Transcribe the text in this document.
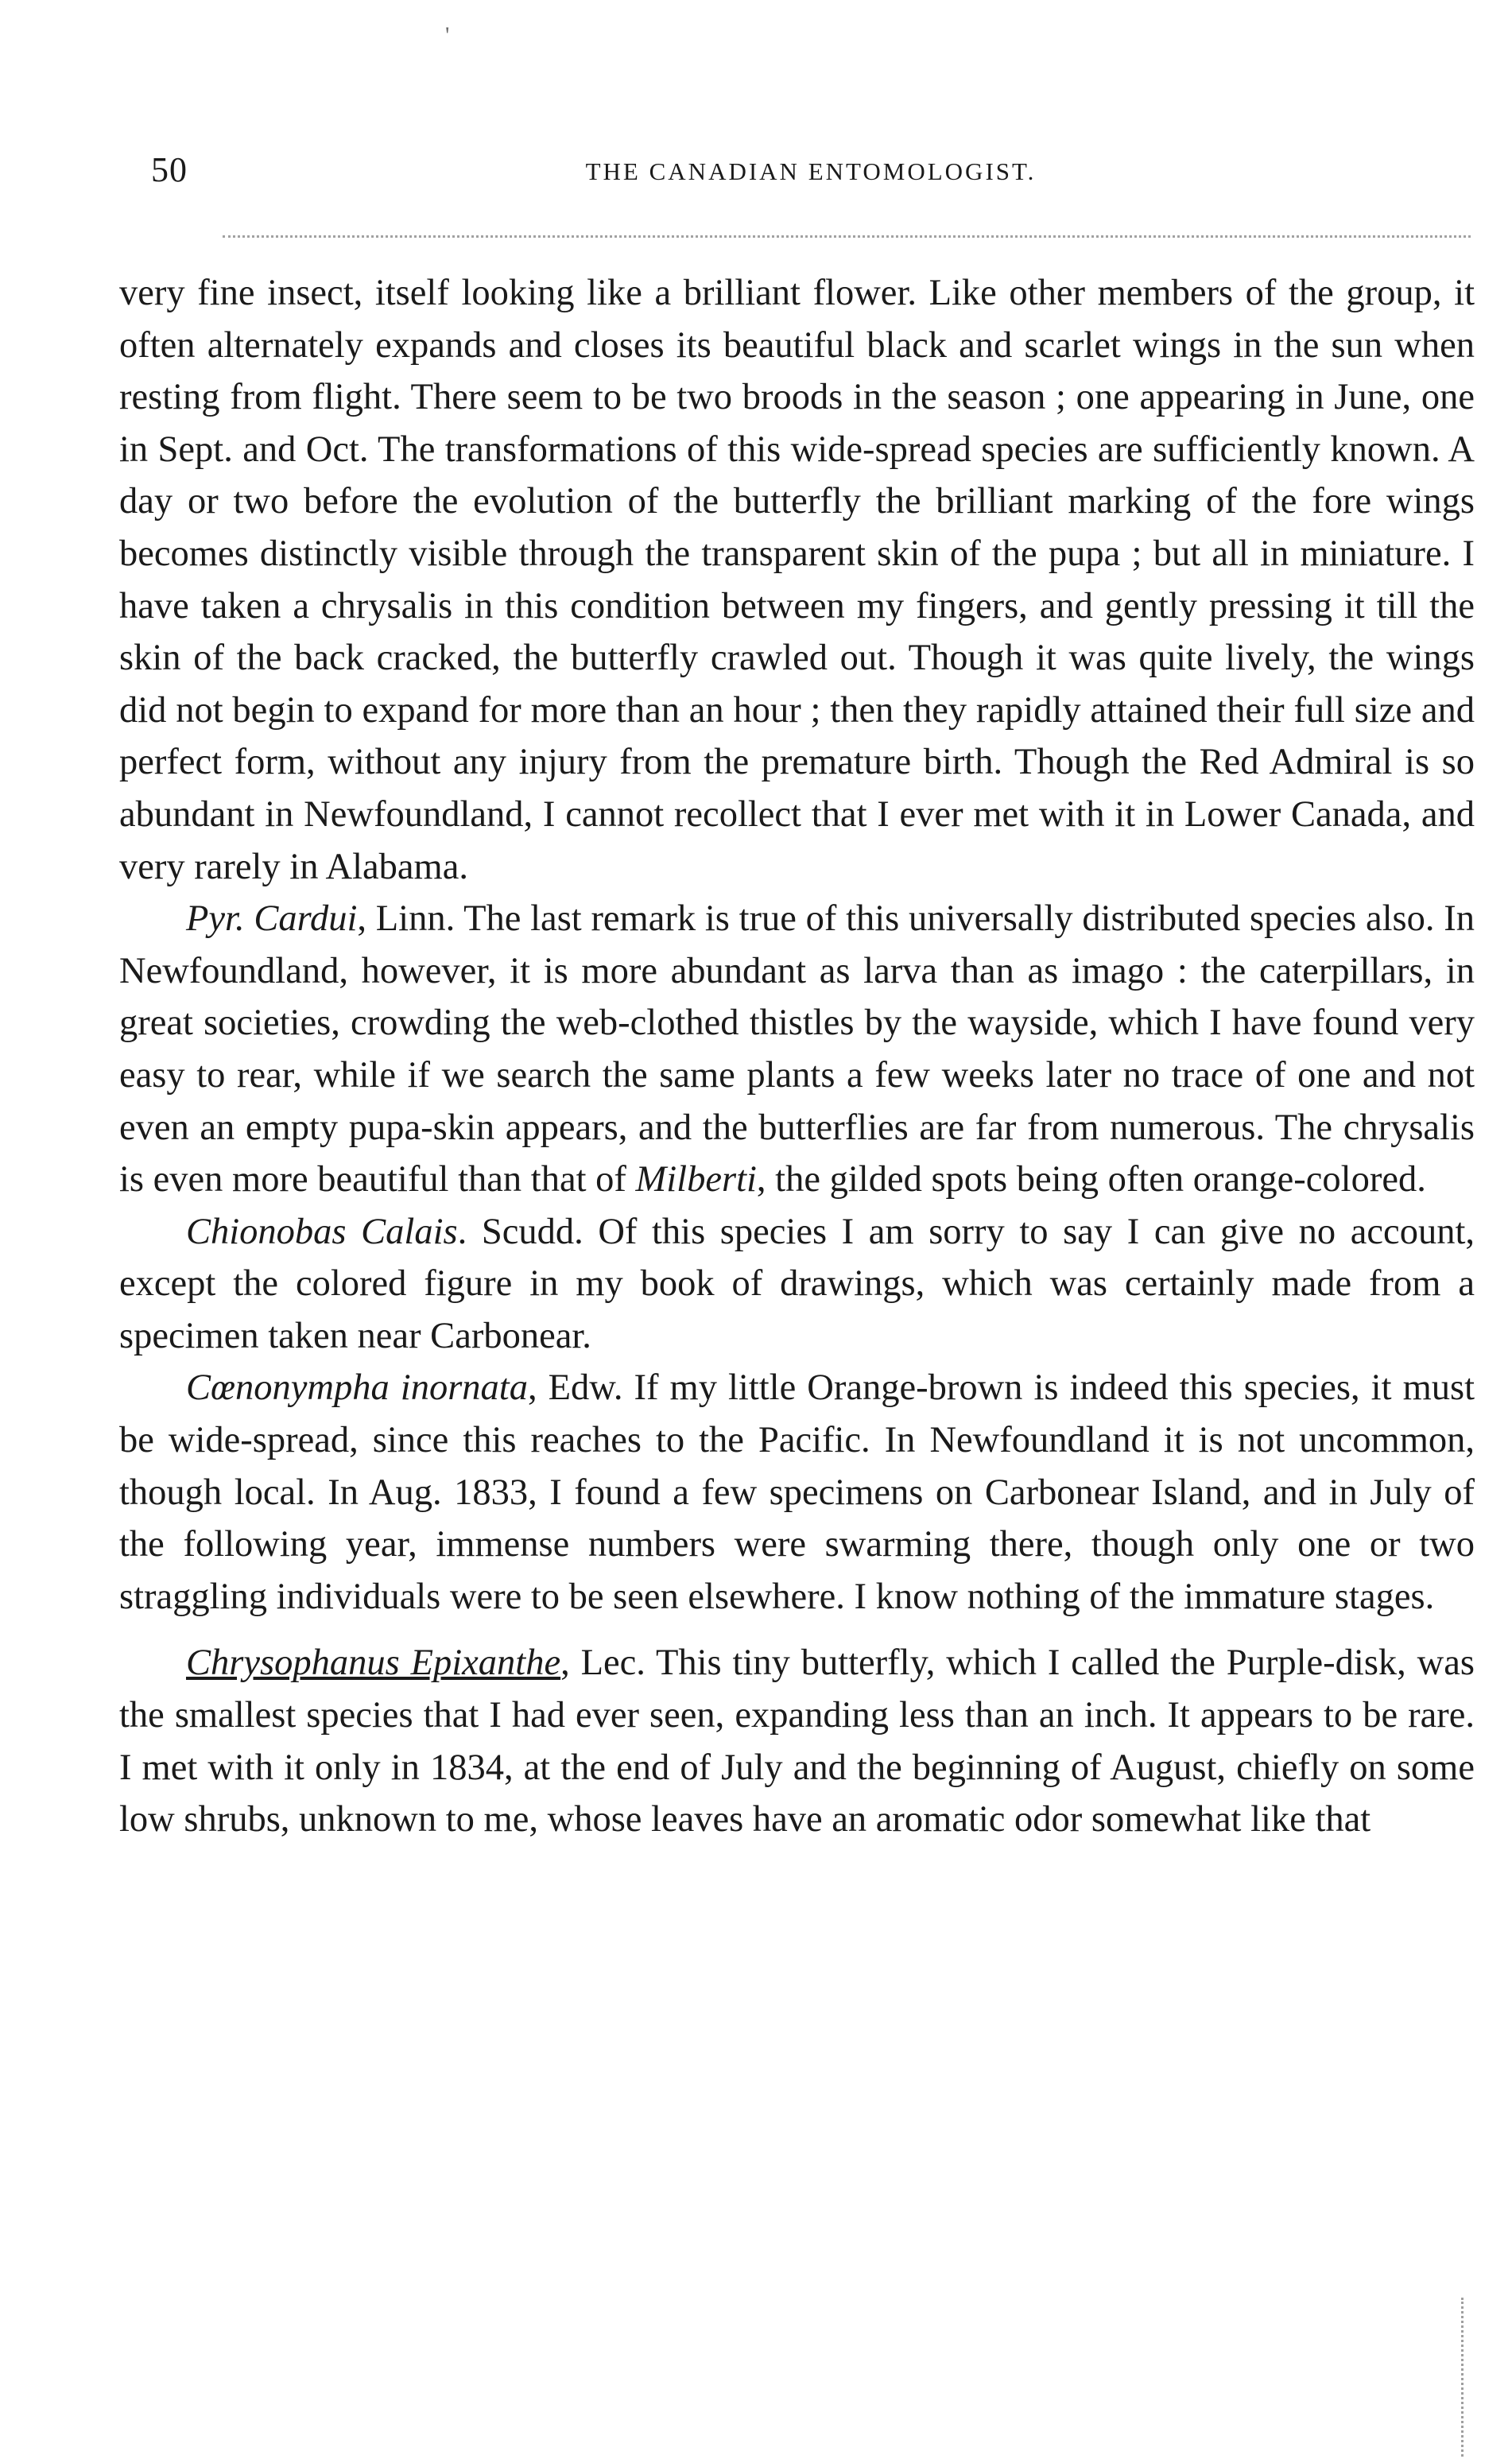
'
50	THE CANADIAN ENTOMOLOGIST.

very fine insect, itself looking like a brilliant flower. Like other members of the group, it often alternately expands and closes its beautiful black and scarlet wings in the sun when resting from flight. There seem to be two broods in the season ; one appearing in June, one in Sept. and Oct. The transformations of this wide-spread species are sufficiently known. A day or two before the evolution of the butterfly the brilliant marking of the fore wings becomes distinctly visible through the transparent skin of the pupa ; but all in miniature. I have taken a chrysalis in this condition between my fingers, and gently pressing it till the skin of the back cracked, the butterfly crawled out. Though it was quite lively, the wings did not begin to expand for more than an hour ; then they rapidly attained their full size and perfect form, without any injury from the premature birth. Though the Red Admiral is so abundant in Newfoundland, I cannot recollect that I ever met with it in Lower Canada, and very rarely in Alabama.

Pyr. Cardui, Linn. The last remark is true of this universally distributed species also. In Newfoundland, however, it is more abundant as larva than as imago : the caterpillars, in great societies, crowding the web-clothed thistles by the wayside, which I have found very easy to rear, while if we search the same plants a few weeks later no trace of one and not even an empty pupa-skin appears, and the butterflies are far from numerous. The chrysalis is even more beautiful than that of Milberti, the gilded spots being often orange-colored.

Chionobas Calais. Scudd. Of this species I am sorry to say I can give no account, except the colored figure in my book of drawings, which was certainly made from a specimen taken near Carbonear.

Cœnonympha inornata, Edw. If my little Orange-brown is indeed this species, it must be wide-spread, since this reaches to the Pacific. In Newfoundland it is not uncommon, though local. In Aug. 1833, I found a few specimens on Carbonear Island, and in July of the following year, immense numbers were swarming there, though only one or two straggling individuals were to be seen elsewhere. I know nothing of the immature stages.

Chrysophanus Epixanthe, Lec. This tiny butterfly, which I called the Purple-disk, was the smallest species that I had ever seen, expanding less than an inch. It appears to be rare. I met with it only in 1834, at the end of July and the beginning of August, chiefly on some low shrubs, unknown to me, whose leaves have an aromatic odor somewhat like that
